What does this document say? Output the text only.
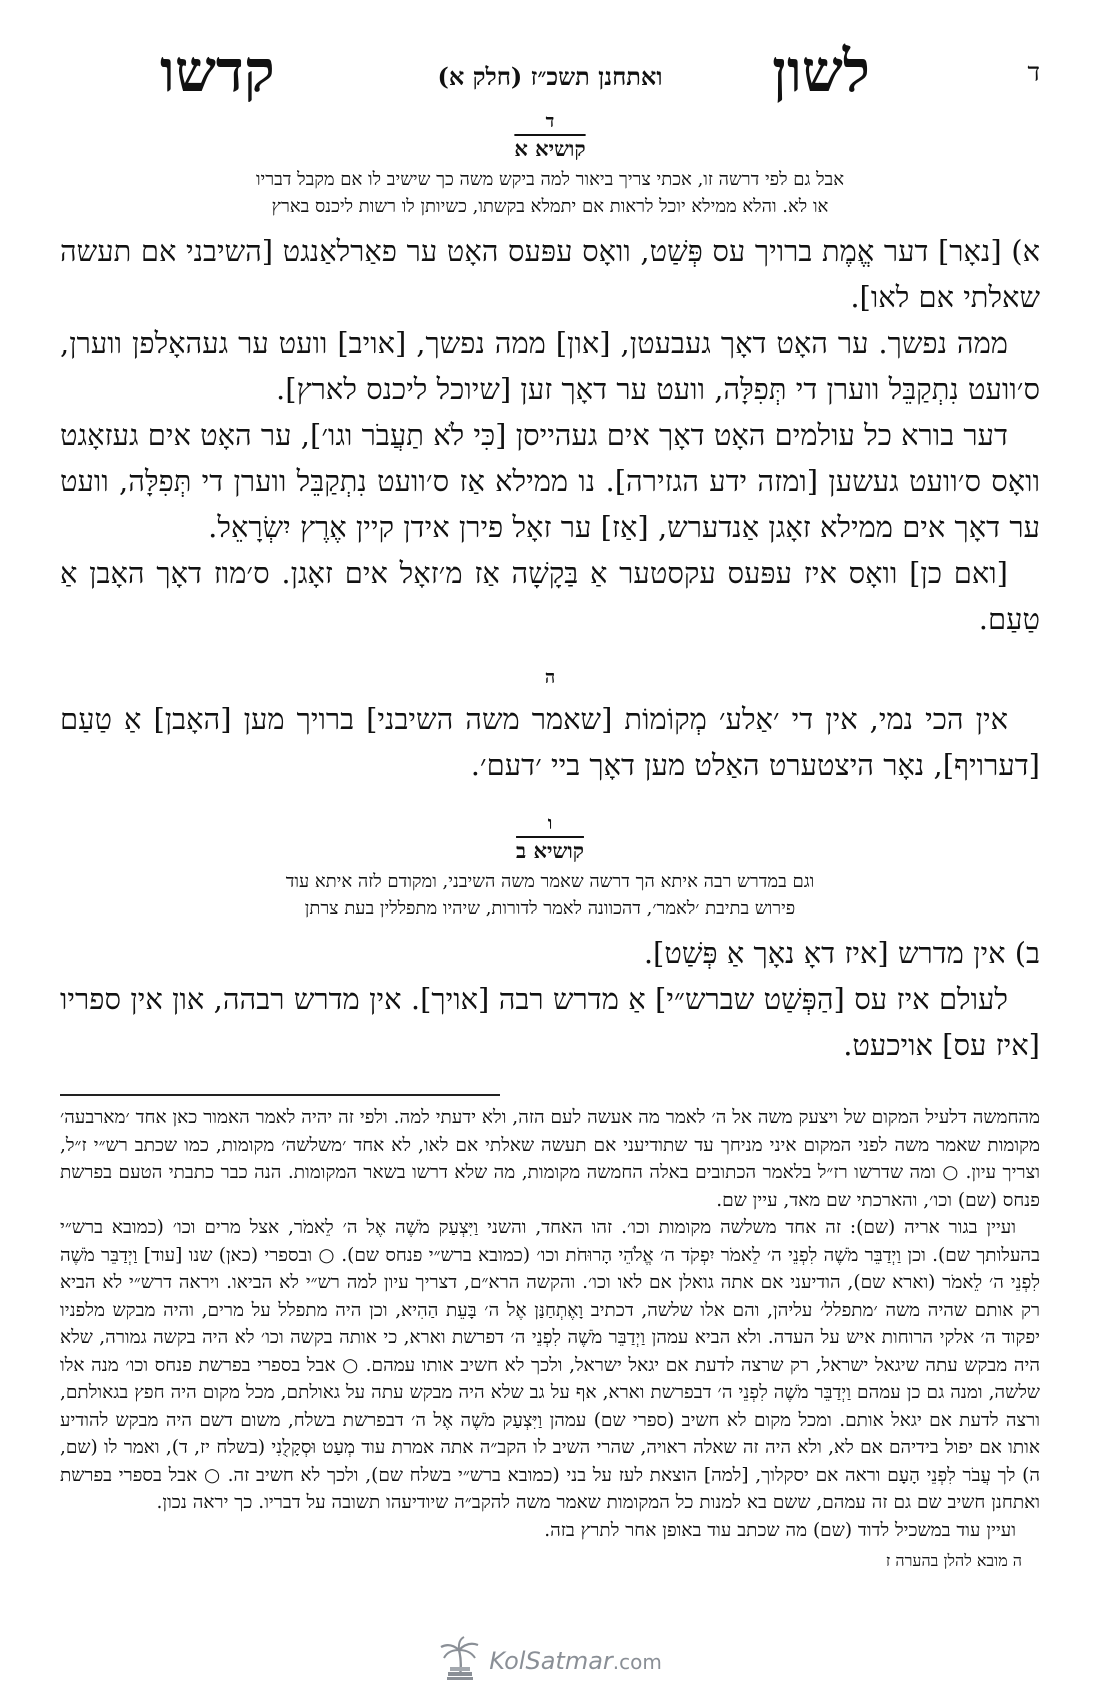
ד
לשון
ואתחנן תשכ״ז (חלק א)
קדשו
ד
קושיא א
אבל גם לפי דרשה זו, אכתי צריך ביאור למה ביקש משה כך שישיב לו אם מקבל דבריו
או לא. והלא ממילא יוכל לראות אם יתמלא בקשתו, כשיותן לו רשות ליכנס בארץ

א) [נאָר] דער אֱמֶת ברויך עס פְּשַׁט, וואָס עפּעס האָט ער פאַרלאַנגט [השיבני אם תעשה שאלתי אם לאו].

ממה נפשך. ער האָט דאָך געבעטן, [און] ממה נפשך, [אויב] וועט ער געהאָלפן ווערן, ס׳וועט נִתְקַבֵּל ווערן די תְּפִלָּה, וועט ער דאָך זען [שיוכל ליכנס לארץ].

דער בורא כל עולמים האָט דאָך אים געהייסן [כִּי לֹא תַעֲבֹר וגו׳], ער האָט אים געזאָגט וואָס ס׳וועט געשען [ומזה ידע הגזירה]. נו ממילא אַז ס׳וועט נִתְקַבֵּל ווערן די תְּפִלָּה, וועט ער דאָך אים ממילא זאָגן אַנדערש, [אַז] ער זאָל פירן אידן קיין אֶרֶץ יִשְׂרָאֵל.

[ואם כן] וואָס איז עפּעס עקסטער אַ בַּקָשָׁה אַז מ׳זאָל אים זאָגן. ס׳מוז דאָך האָבן אַ טַעַם.

ה

אין הכי נמי, אין די ׳אַלע׳ מְקוֹמוֹת [שאמר משה השיבני] ברויך מען [האָבן] אַ טַעַם [דערויף], נאָר היצטערט האַלט מען דאָך ביי ׳דעם׳.

ו
קושיא ב
וגם במדרש רבה איתא הך דרשה שאמר משה השיבני, ומקודם לזה איתא עוד
פירוש בתיבת ׳לאמר׳, דהכוונה לאמר לדורות, שיהיו מתפללין בעת צרתן

ב) אין מדרש [איז דאָ נאָך אַ פְּשַׁט].

לעולם איז עס [הַפְּשַׁט שברש״י] אַ מדרש רבה [אויך]. אין מדרש רבהה, און אין ספריו [איז עס] אויכעט.

מהחמשה דלעיל המקום של ויצעק משה אל ה׳ לאמר מה אעשה לעם הזה, ולא ידעתי למה. ולפי זה יהיה לאמר האמור כאן אחד ׳מארבעה׳ מקומות שאמר משה לפני המקום איני מניחך עד שתודיעני אם תעשה שאלתי אם לאו, לא אחד ׳משלשה׳ מקומות, כמו שכתב רש״י ז״ל, וצריך עיון. ○ ומה שדרשו רז״ל בלאמר הכתובים באלה החמשה מקומות, מה שלא דרשו בשאר המקומות. הנה כבר כתבתי הטעם בפרשת פנחס (שם) וכו׳, והארכתי שם מאד, עיין שם.

ועיין בגור אריה (שם): זה אחד משלשה מקומות וכו׳. זהו האחד, והשני וַיִּצְעַק מֹשֶׁה אֶל ה׳ לֵאמֹר, אצל מרים וכו׳ (כמובא ברש״י בהעלותך שם). וכן וַיְדַבֵּר מֹשֶׁה לִפְנֵי ה׳ לֵאמֹר יִפְקֹד ה׳ אֱלֹהֵי הָרוּחֹת וכו׳ (כמובא ברש״י פנחס שם). ○ ובספרי (כאן) שנו [עוד] וַיְדַבֵּר מֹשֶׁה לִפְנֵי ה׳ לֵאמֹר (וארא שם), הודיעני אם אתה גואלן אם לאו וכו׳. והקשה הרא״ם, דצריך עיון למה רש״י לא הביאו. ויראה דרש״י לא הביא רק אותם שהיה משה ׳מתפלל׳ עליהן, והם אלו שלשה, דכתיב וָאֶתְחַנַּן אֶל ה׳ בָּעֵת הַהִיא, וכן היה מתפלל על מרים, והיה מבקש מלפניו יפקוד ה׳ אלקי הרוחות איש על העדה. ולא הביא עמהן וַיְדַבֵּר מֹשֶׁה לִפְנֵי ה׳ דפרשת וארא, כי אותה בקשה וכו׳ לא היה בקשה גמורה, שלא היה מבקש עתה שיגאל ישראל, רק שרצה לדעת אם יגאל ישראל, ולכך לא חשיב אותו עמהם. ○ אבל בספרי בפרשת פנחס וכו׳ מנה אלו שלשה, ומנה גם כן עמהם וַיְדַבֵּר מֹשֶׁה לִפְנֵי ה׳ דבפרשת וארא, אף על גב שלא היה מבקש עתה על גאולתם, מכל מקום היה חפץ בגאולתם, ורצה לדעת אם יגאל אותם. ומכל מקום לא חשיב (ספרי שם) עמהן וַיִּצְעַק מֹשֶׁה אֶל ה׳ דבפרשת בשלח, משום דשם היה מבקש להודיע אותו אם יפול בידיהם אם לא, ולא היה זה שאלה ראויה, שהרי השיב לו הקב״ה אתה אמרת עוד מְעַט וּסְקָלֻנִי (בשלח יז, ד), ואמר לו (שם, ה) לך עֲבֹר לִפְנֵי הָעָם וראה אם יסקלוך, [למה] הוצאת לעז על בני (כמובא ברש״י בשלח שם), ולכך לא חשיב זה. ○ אבל בספרי בפרשת ואתחנן חשיב שם גם זה עמהם, ששם בא למנות כל המקומות שאמר משה להקב״ה שיודיעהו תשובה על דבריו. כך יראה נכון.

ועיין עוד במשכיל לדוד (שם) מה שכתב עוד באופן אחר לתרץ בזה.

ה מובא להלן בהערה ז
KolSatmar.com
